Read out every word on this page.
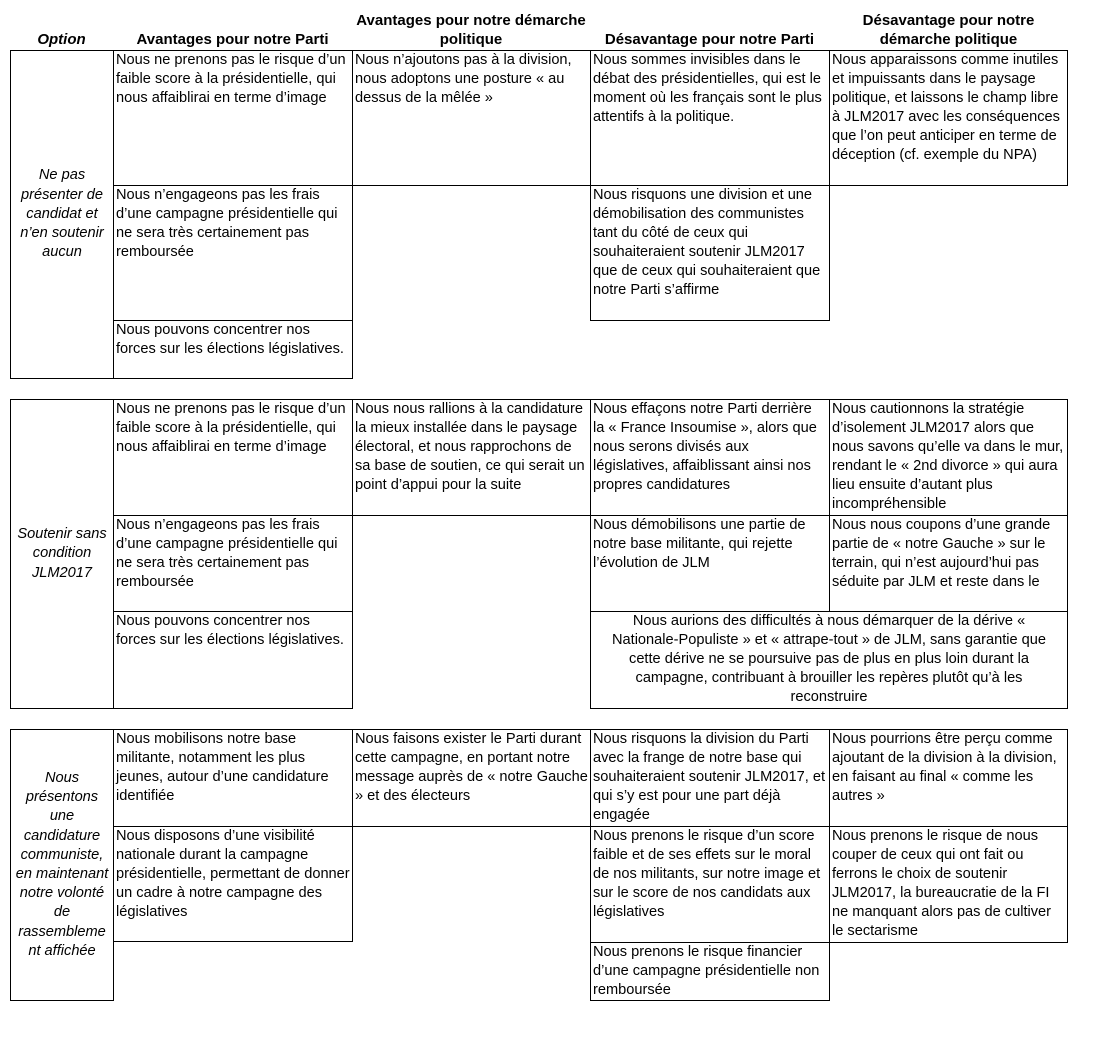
Option	Avantages pour notre Parti
Avantages pour notre démarche politique	Désavantage pour notre Parti
Désavantage pour notre démarche politique
Ne pas présenter de candidat et n’en soutenir aucun
Nous ne prenons pas le risque d’un faible score à la présidentielle, qui nous affaiblirai en terme d’image
Nous n’engageons pas les frais d’une campagne présidentielle qui ne sera très certainement pas remboursée
Nous pouvons concentrer nos forces sur les élections législatives.
Nous n’ajoutons pas à la division, nous adoptons une posture « au dessus de la mêlée »
Nous sommes invisibles dans le débat des présidentielles, qui est le moment où les français sont le plus attentifs à la politique.
Nous risquons une division et une démobilisation des communistes tant du côté de ceux qui souhaiteraient soutenir JLM2017 que de ceux qui souhaiteraient que notre Parti s’affirme
Nous apparaissons comme inutiles et impuissants dans le paysage politique, et laissons le champ libre à JLM2017 avec les conséquences que l’on peut anticiper en terme de déception (cf. exemple du NPA)
Soutenir sans condition JLM2017
Nous ne prenons pas le risque d’un faible score à la présidentielle, qui nous affaiblirai en terme d’image
Nous n’engageons pas les frais d’une campagne présidentielle qui ne sera très certainement pas remboursée
Nous pouvons concentrer nos forces sur les élections législatives.
Nous nous rallions à la candidature la mieux installée dans le paysage électoral, et nous rapprochons de sa base de soutien, ce qui serait un point d’appui pour la suite
Nous effaçons notre Parti derrière la « France Insoumise », alors que nous serons divisés aux législatives, affaiblissant ainsi nos propres candidatures
Nous démobilisons une partie de notre base militante, qui rejette l’évolution de JLM
Nous cautionnons la stratégie d’isolement JLM2017 alors que nous savons qu’elle va dans le mur, rendant le « 2nd divorce » qui aura lieu ensuite d’autant plus incompréhensible
Nous nous coupons d’une grande partie de « notre Gauche » sur le terrain, qui n’est aujourd’hui pas séduite par JLM et reste dans le
Nous aurions des difficultés à nous démarquer de la dérive « Nationale-Populiste » et « attrape-tout » de JLM, sans garantie que cette dérive ne se poursuive pas de plus en plus loin durant la campagne, contribuant à brouiller les repères plutôt qu’à les reconstruire
Nous présentons une candidature communiste, en maintenant notre volonté de rassembleme nt affichée
Nous mobilisons notre base militante, notamment les plus jeunes, autour d’une candidature identifiée
Nous disposons d’une visibilité nationale durant la campagne présidentielle, permettant de donner un cadre à notre campagne des législatives
Nous faisons exister le Parti durant cette campagne, en portant notre message auprès de « notre Gauche » et des électeurs
Nous risquons la division du Parti avec la frange de notre base qui souhaiteraient soutenir JLM2017, et qui s’y est pour une part déjà engagée
Nous prenons le risque d’un score faible et de ses effets sur le moral de nos militants, sur notre image et sur le score de nos candidats aux législatives
Nous prenons le risque financier d’une campagne présidentielle non remboursée
Nous pourrions être perçu comme ajoutant de la division à la division, en faisant au final « comme les autres »
Nous prenons le risque de nous couper de ceux qui ont fait ou ferrons le choix de soutenir JLM2017, la bureaucratie de la FI ne manquant alors pas de cultiver le sectarisme
